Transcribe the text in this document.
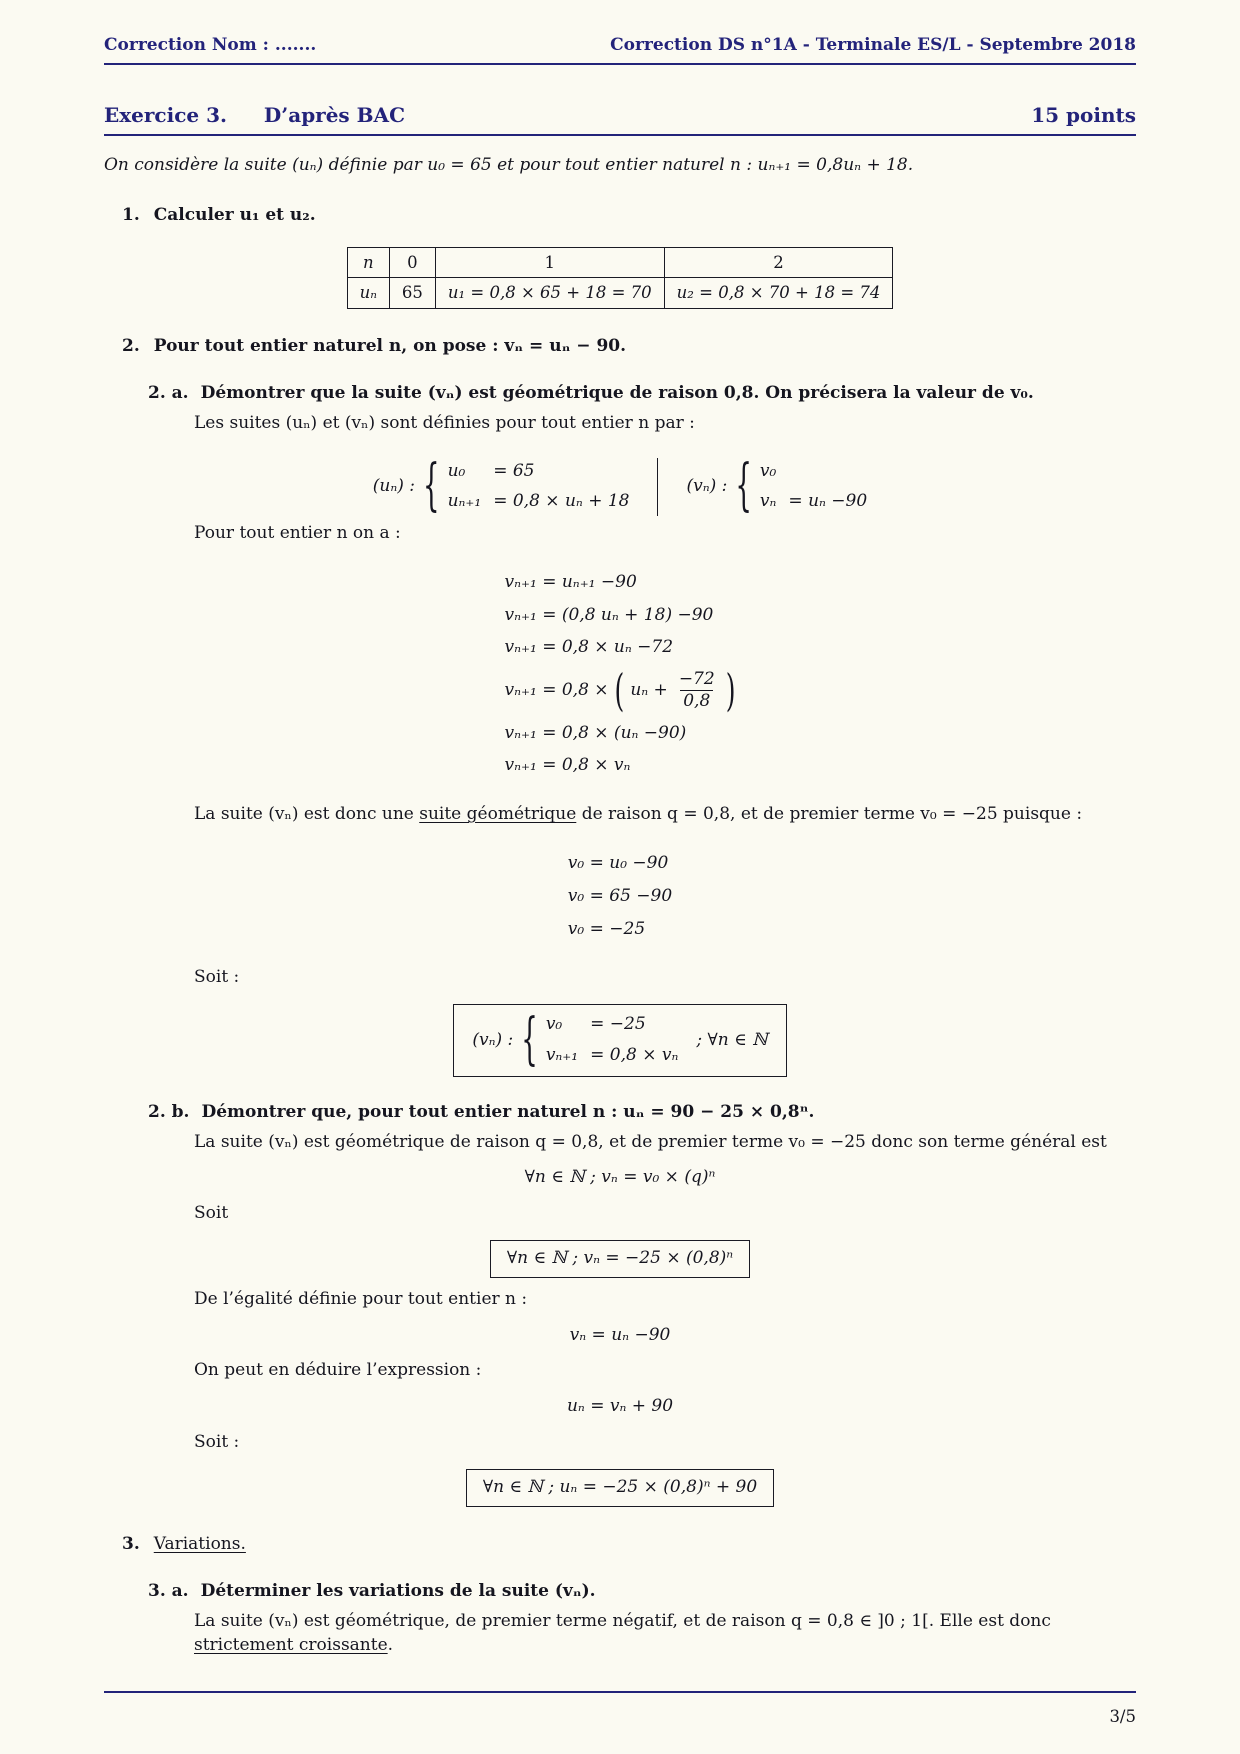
Correction Nom : .......	Correction DS n°1A - Terminale ES/L - Septembre 2018
Exercice 3. D’après BAC	15 points

On considère la suite (uₙ) définie par u₀ = 65 et pour tout entier naturel n : uₙ₊₁ = 0,8uₙ + 18.

1. Calculer u₁ et u₂.
n	0	1	2
uₙ	65	u₁ = 0,8 × 65 + 18 = 70	u₂ = 0,8 × 70 + 18 = 74
2. Pour tout entier naturel n, on pose : vₙ = uₙ − 90.
2. a. Démontrer que la suite (vₙ) est géométrique de raison 0,8. On précisera la valeur de v₀.

Les suites (uₙ) et (vₙ) sont définies pour tout entier n par :

(uₙ) : { u₀	= 65
uₙ₊₁ = 0,8 × uₙ + 18
(vₙ) : { v₀
vₙ = uₙ −90

Pour tout entier n on a :

vₙ₊₁ = uₙ₊₁ −90
vₙ₊₁ = (0,8 uₙ + 18) −90
vₙ₊₁ = 0,8 × uₙ −72
vₙ₊₁ = 0,8 × ( $u_n + \frac{-72}{0,8}$ )
vₙ₊₁ = 0,8 × (uₙ −90)
vₙ₊₁ = 0,8 × vₙ

La suite (vₙ) est donc une suite géométrique de raison q = 0,8, et de premier terme v₀ = −25 puisque :

v₀ = u₀ −90
v₀ = 65 −90
v₀ = −25

Soit :

(vₙ) : { v₀	= −25
vₙ₊₁ = 0,8 × vₙ
; ∀n ∈ ℕ
2. b. Démontrer que, pour tout entier naturel n : uₙ = 90 − 25 × 0,8ⁿ.

La suite (vₙ) est géométrique de raison q = 0,8, et de premier terme v₀ = −25 donc son terme général est

∀n ∈ ℕ ; vₙ = v₀ × (q)ⁿ

Soit

∀n ∈ ℕ ; vₙ = −25 × (0,8)ⁿ

De l’égalité définie pour tout entier n :

vₙ = uₙ −90

On peut en déduire l’expression :

uₙ = vₙ + 90

Soit :

∀n ∈ ℕ ; uₙ = −25 × (0,8)ⁿ + 90
3. Variations.
3. a. Déterminer les variations de la suite (vₙ).

La suite (vₙ) est géométrique, de premier terme négatif, et de raison q = 0,8 ∈ ]0 ; 1[. Elle est donc strictement croissante.

3/5
